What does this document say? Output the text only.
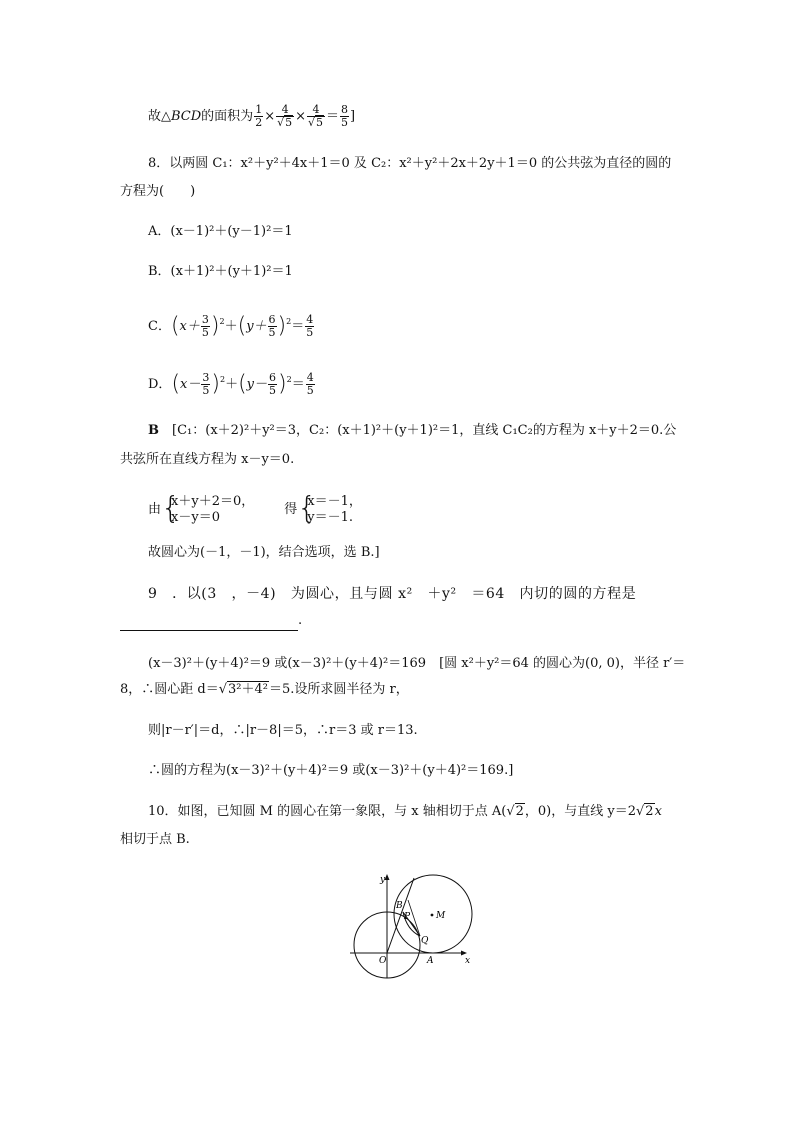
故△BCD的面积为 $\frac{1}{2} \times \frac{4}{√5} \times \frac{4}{√5} = \frac{8}{5}$ ]
8．以两圆 C₁：x²＋y²＋4x＋1＝0 及 C₂：x²＋y²＋2x＋2y＋1＝0 的公共弦为直径的圆的
方程为(　　)
A．(x－1)²＋(y－1)²＝1
B．(x＋1)²＋(y＋1)²＝1
C．$(x+ \frac{3}{5} )^2+(y+ \frac{6}{5} )^2= \frac{4}{5}$
D．$(x- \frac{3}{5} )^2+(y- \frac{6}{5} )^2= \frac{4}{5}$
B　 [C₁：(x＋2)²＋y²＝3，C₂：(x＋1)²＋(y＋1)²＝1，直线 C₁C₂的方程为 x＋y＋2＝0.公
共弦所在直线方程为 x－y＝0.
由 {
x＋y＋2＝0，
x－y＝0
得 {
x＝－1，
y＝－1.
故圆心为(－1，－1)，结合选项，选 B.]
9　．以(3　，－4)　为圆心，且与圆 x²　＋y²　＝64　内切的圆的方程是
.
(x－3)²＋(y＋4)²＝9 或(x－3)²＋(y＋4)²＝169　[圆 x²＋y²＝64 的圆心为(0, 0)，半径 r′＝
8，∴圆心距 d＝√3²＋4²＝5.设所求圆半径为 r，
则|r－r′|＝d，∴|r－8|＝5，∴r＝3 或 r＝13.
∴圆的方程为(x－3)²＋(y＋4)²＝9 或(x－3)²＋(y＋4)²＝169.]
10．如图，已知圆 M 的圆心在第一象限，与 x 轴相切于点 A(√2，0)，与直线 y＝2√2x
相切于点 B.
y
x
O	A
B
P
Q
M
